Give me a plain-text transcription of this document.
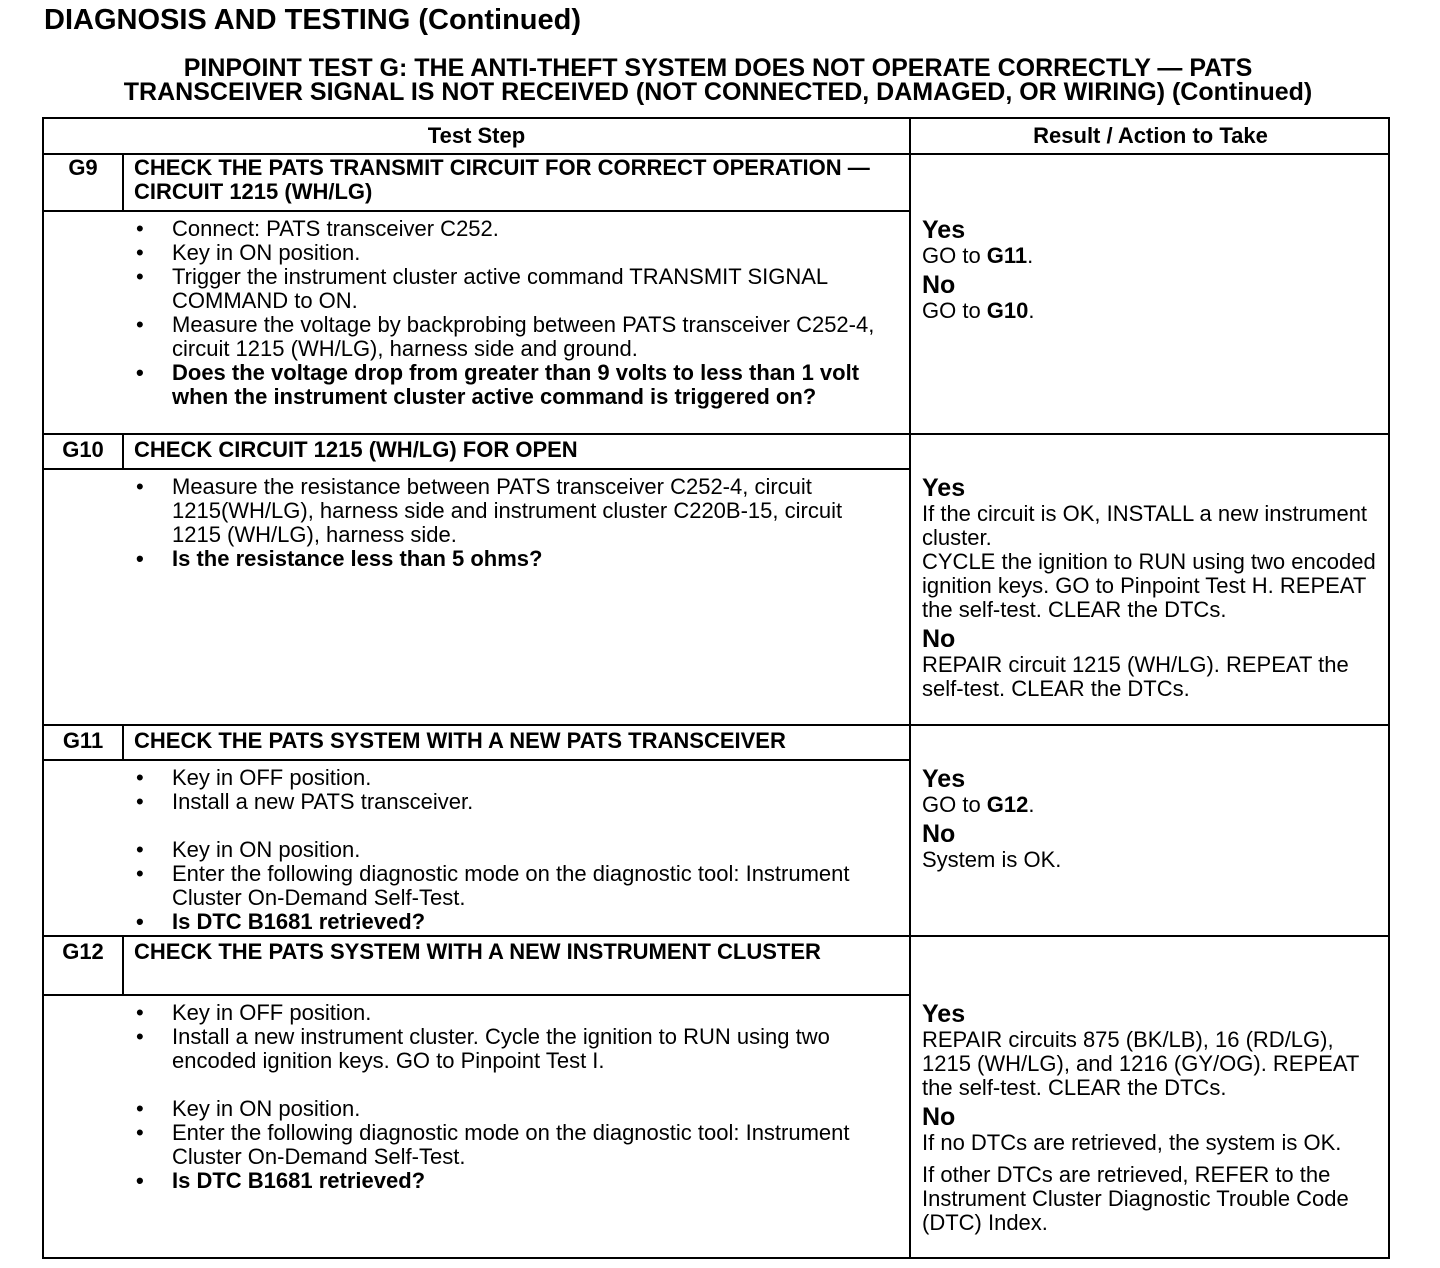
DIAGNOSIS AND TESTING (Continued)
PINPOINT TEST G: THE ANTI-THEFT SYSTEM DOES NOT OPERATE CORRECTLY — PATS
TRANSCEIVER SIGNAL IS NOT RECEIVED (NOT CONNECTED, DAMAGED, OR WIRING) (Continued)
Test Step	Result / Action to Take
G9	CHECK THE PATS TRANSMIT CIRCUIT FOR CORRECT OPERATION — CIRCUIT 1215 (WH/LG)
• Connect: PATS transceiver C252.
• Key in ON position.
• Trigger the instrument cluster active command TRANSMIT SIGNAL COMMAND to ON.
• Measure the voltage by backprobing between PATS transceiver C252-4, circuit 1215 (WH/LG), harness side and ground.
• Does the voltage drop from greater than 9 volts to less than 1 volt when the instrument cluster active command is triggered on?
Yes
GO to G11.
No
GO to G10.
G10	CHECK CIRCUIT 1215 (WH/LG) FOR OPEN
• Measure the resistance between PATS transceiver C252-4, circuit 1215(WH/LG), harness side and instrument cluster C220B-15, circuit 1215 (WH/LG), harness side.
• Is the resistance less than 5 ohms?
Yes
If the circuit is OK, INSTALL a new instrument cluster.
CYCLE the ignition to RUN using two encoded ignition keys. GO to Pinpoint Test H. REPEAT the self-test. CLEAR the DTCs.
No
REPAIR circuit 1215 (WH/LG). REPEAT the self-test. CLEAR the DTCs.
G11	CHECK THE PATS SYSTEM WITH A NEW PATS TRANSCEIVER
• Key in OFF position.
• Install a new PATS transceiver.
• Key in ON position.
• Enter the following diagnostic mode on the diagnostic tool: Instrument Cluster On-Demand Self-Test.
• Is DTC B1681 retrieved?
Yes
GO to G12.
No
System is OK.
G12	CHECK THE PATS SYSTEM WITH A NEW INSTRUMENT CLUSTER
• Key in OFF position.
• Install a new instrument cluster. Cycle the ignition to RUN using two encoded ignition keys. GO to Pinpoint Test I.
• Key in ON position.
• Enter the following diagnostic mode on the diagnostic tool: Instrument Cluster On-Demand Self-Test.
• Is DTC B1681 retrieved?
Yes
REPAIR circuits 875 (BK/LB), 16 (RD/LG), 1215 (WH/LG), and 1216 (GY/OG). REPEAT the self-test. CLEAR the DTCs.
No
If no DTCs are retrieved, the system is OK.
If other DTCs are retrieved, REFER to the Instrument Cluster Diagnostic Trouble Code (DTC) Index.
